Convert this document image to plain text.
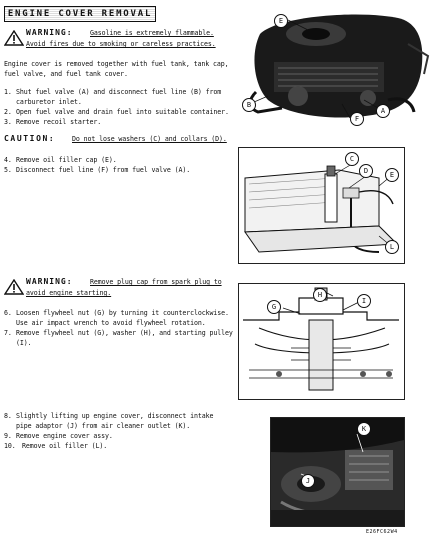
ENGINE COVER REMOVAL
WARNING:	Gasoline is extremely flammable.
Avoid fires due to smoking or careless practices.
Engine cover is removed together with fuel tank, tank cap,
fuel valve, and fuel tank cover.
1. Shut fuel valve (A) and disconnect fuel line (B) from
carburetor inlet.
2. Open fuel valve and drain fuel into suitable container.
3. Remove recoil starter.
CAUTION:	Do not lose washers (C) and collars (D).
4. Remove oil filler cap (E).
5. Disconnect fuel line (F) from fuel valve (A).
WARNING:	Remove plug cap from spark plug to
avoid engine starting.
6. Loosen flywheel nut (G) by turning it counterclockwise.
Use air impact wrench to avoid flywheel rotation.
7. Remove flywheel nut (G), washer (H), and starting pulley
(I).
8. Slightly lifting up engine cover, disconnect intake
pipe adaptor (J) from air cleaner outlet (K).
9. Remove engine cover assy.
10. Remove oil filler (L).
E
B
A
F
C
D	E
L
H
G
I
K
J
E26FC62W4
